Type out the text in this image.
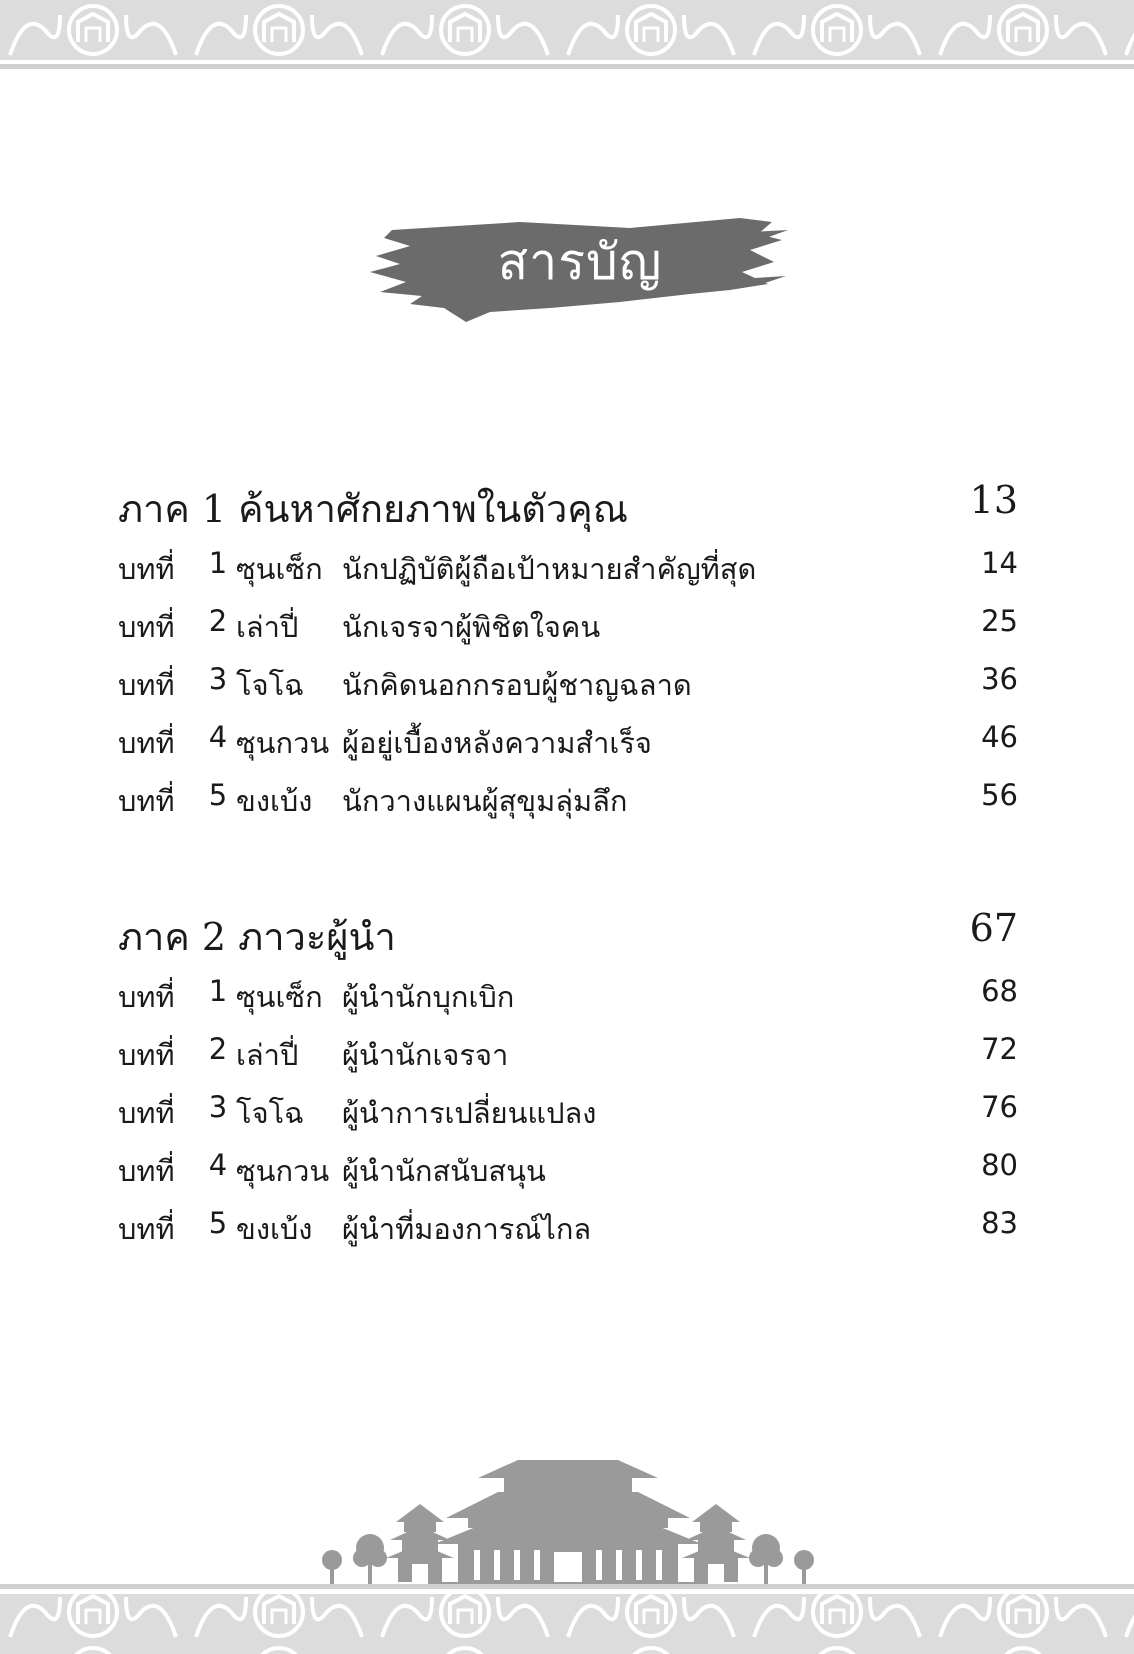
สารบัญ
ภาค 1 ค้นหาศักยภาพในตัวคุณ	13
บทที่	1 ซุนเซ็ก นักปฏิบัติผู้ถือเป้าหมายสำคัญที่สุด	14
บทที่	2 เล่าปี่ นักเจรจาผู้พิชิตใจคน	25
บทที่	3 โจโฉ นักคิดนอกกรอบผู้ชาญฉลาด	36
บทที่	4 ซุนกวน ผู้อยู่เบื้องหลังความสำเร็จ	46
บทที่	5 ขงเบ้ง นักวางแผนผู้สุขุมลุ่มลึก	56
ภาค 2 ภาวะผู้นำ	67
บทที่	1 ซุนเซ็ก ผู้นำนักบุกเบิก	68
บทที่	2 เล่าปี่ ผู้นำนักเจรจา	72
บทที่	3 โจโฉ ผู้นำการเปลี่ยนแปลง	76
บทที่	4 ซุนกวน ผู้นำนักสนับสนุน	80
บทที่	5 ขงเบ้ง ผู้นำที่มองการณ์ไกล	83
